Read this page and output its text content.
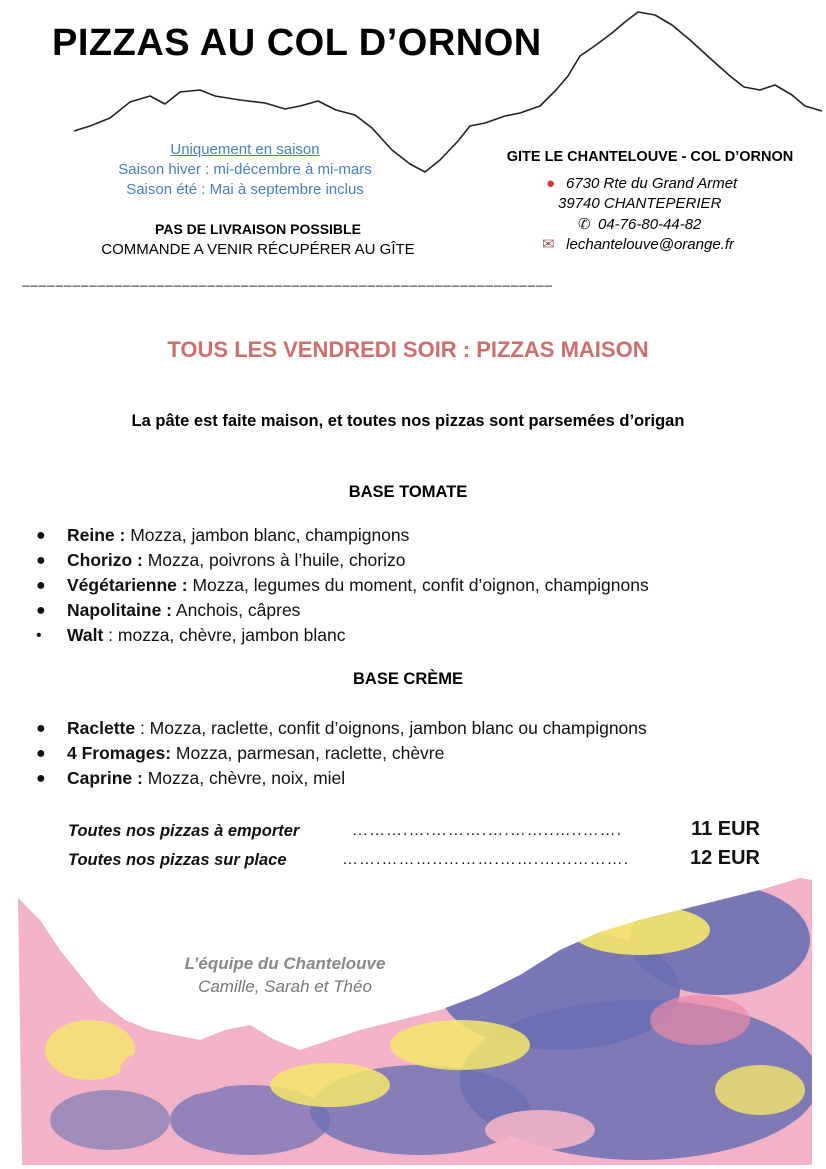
PIZZAS AU COL D’ORNON
Uniquement en saison
Saison hiver : mi-décembre à mi-mars
Saison été : Mai à septembre inclus
PAS DE LIVRAISON POSSIBLE
COMMANDE A VENIR RÉCUPÉRER AU GÎTE
GITE LE CHANTELOUVE - COL D’ORNON
● 6730 Rte du Grand Armet
39740 CHANTEPERIER
✆ 04-76-80-44-82
✉ lechantelouve@orange.fr
_______________________________________________________________
TOUS LES VENDREDI SOIR : PIZZAS MAISON
La pâte est faite maison, et toutes nos pizzas sont parsemées d’origan
BASE TOMATE
● Reine : Mozza, jambon blanc, champignons
● Chorizo : Mozza, poivrons à l’huile, chorizo
● Végétarienne : Mozza, legumes du moment, confit d’oignon, champignons
● Napolitaine : Anchois, câpres
• Walt : mozza, chèvre, jambon blanc
BASE CRÈME
● Raclette : Mozza, raclette, confit d’oignons, jambon blanc ou champignons
● 4 Fromages: Mozza, parmesan, raclette, chèvre
● Caprine : Mozza, chèvre, noix, miel
Toutes nos pizzas à emporter	……….….……….….……..…..…….	11 EUR
Toutes nos pizzas sur place	…….………..……….…….…...……….	12 EUR
L’équipe du Chantelouve
Camille, Sarah et Théo
